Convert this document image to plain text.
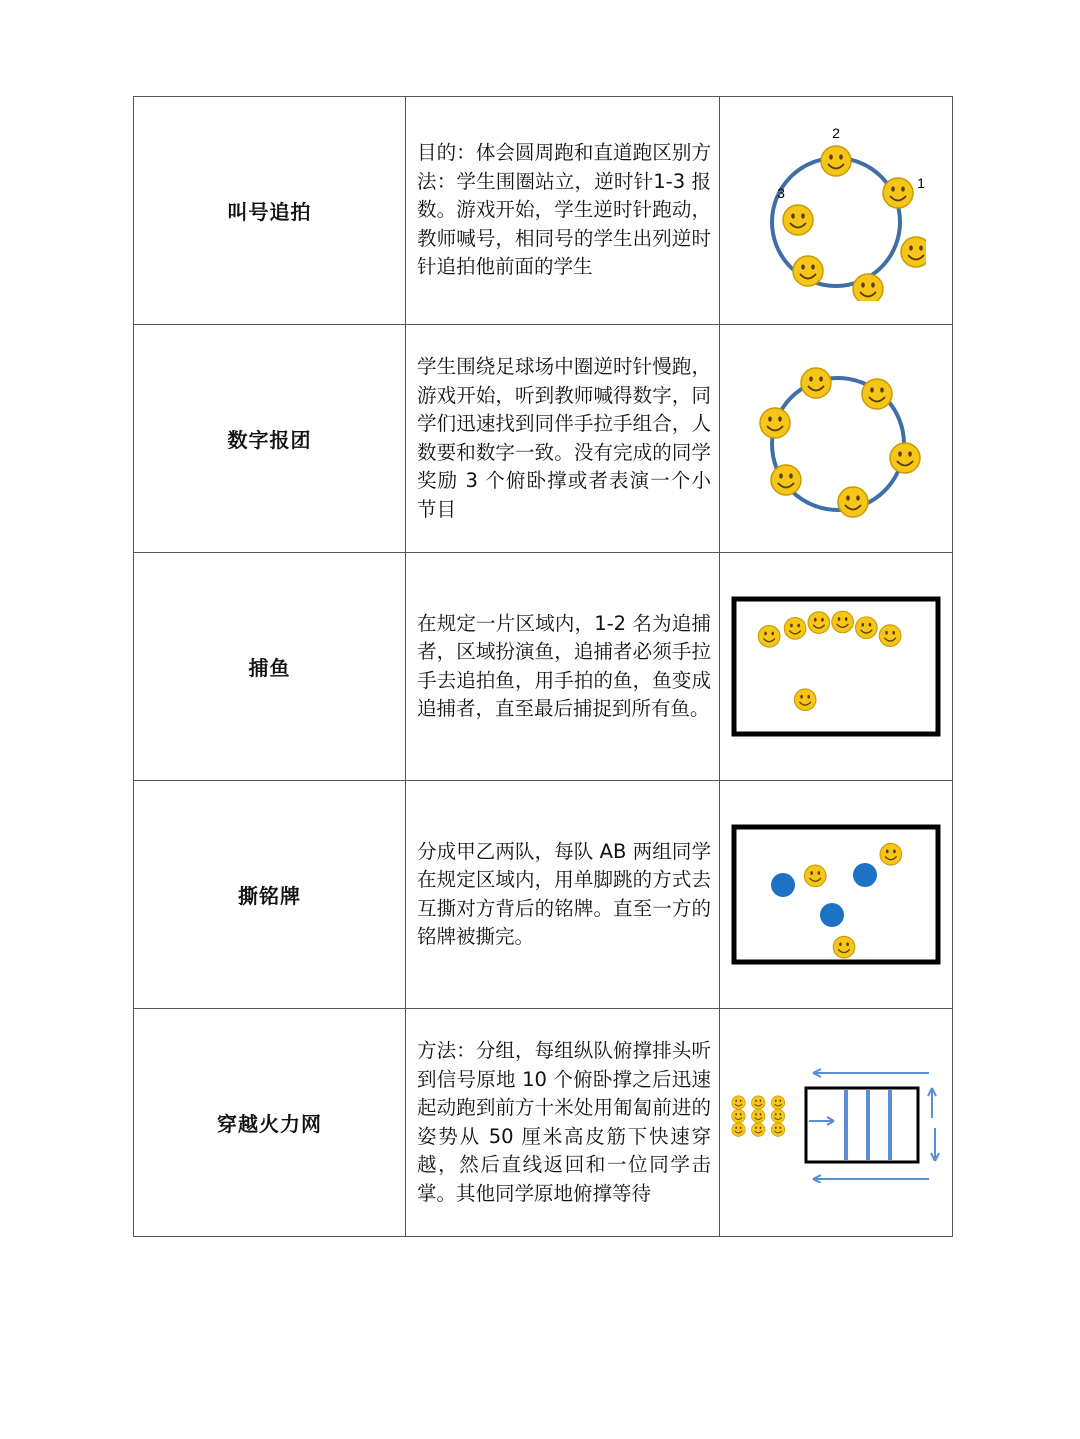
叫号追拍	目的：体会圆周跑和直道跑区别方法：学生围圈站立，逆时针1-3 报数。游戏开始，学生逆时针跑动，教师喊号，相同号的学生出列逆时针追拍他前面的学生	2
1
3

数字报团	学生围绕足球场中圈逆时针慢跑，游戏开始，听到教师喊得数字，同学们迅速找到同伴手拉手组合，人数要和数字一致。没有完成的同学奖励 3 个俯卧撑或者表演一个小节目	

捕鱼	在规定一片区域内，1-2 名为追捕者，区域扮演鱼，追捕者必须手拉手去追拍鱼，用手拍的鱼，鱼变成追捕者，直至最后捕捉到所有鱼。	

撕铭牌	分成甲乙两队，每队 AB 两组同学在规定区域内，用单脚跳的方式去互撕对方背后的铭牌。直至一方的铭牌被撕完。	

穿越火力网	方法：分组，每组纵队俯撑排头听到信号原地 10 个俯卧撑之后迅速起动跑到前方十米处用匍匐前进的姿势从 50 厘米高皮筋下快速穿越，然后直线返回和一位同学击掌。其他同学原地俯撑等待	
